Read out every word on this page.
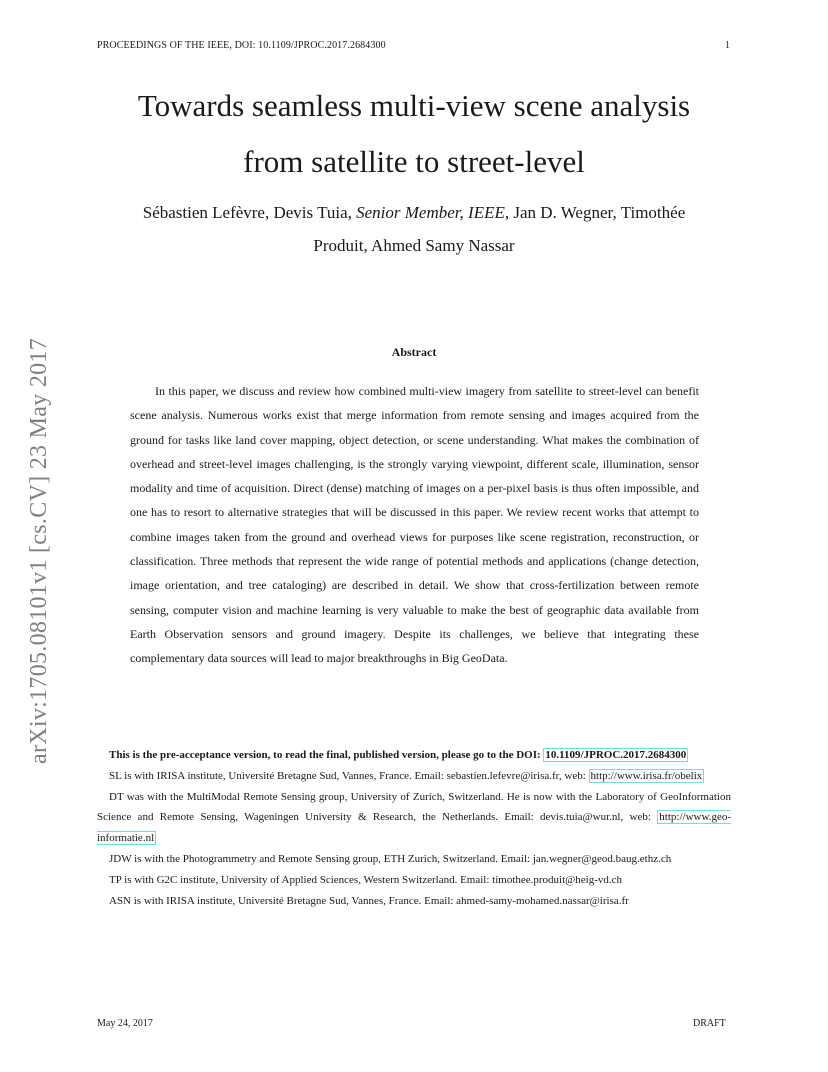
PROCEEDINGS OF THE IEEE, DOI: 10.1109/JPROC.2017.2684300	1
arXiv:1705.08101v1 [cs.CV] 23 May 2017
Towards seamless multi-view scene analysis
from satellite to street-level
Sébastien Lefèvre, Devis Tuia, Senior Member, IEEE, Jan D. Wegner, Timothée
Produit, Ahmed Samy Nassar
Abstract

In this paper, we discuss and review how combined multi-view imagery from satellite to street-level can benefit scene analysis. Numerous works exist that merge information from remote sensing and images acquired from the ground for tasks like land cover mapping, object detection, or scene understanding. What makes the combination of overhead and street-level images challenging, is the strongly varying viewpoint, different scale, illumination, sensor modality and time of acquisition. Direct (dense) matching of images on a per-pixel basis is thus often impossible, and one has to resort to alternative strategies that will be discussed in this paper. We review recent works that attempt to combine images taken from the ground and overhead views for purposes like scene registration, reconstruction, or classification. Three methods that represent the wide range of potential methods and applications (change detection, image orientation, and tree cataloging) are described in detail. We show that cross-fertilization between remote sensing, computer vision and machine learning is very valuable to make the best of geographic data available from Earth Observation sensors and ground imagery. Despite its challenges, we believe that integrating these complementary data sources will lead to major breakthroughs in Big GeoData.

This is the pre-acceptance version, to read the final, published version, please go to the DOI: 10.1109/JPROC.2017.2684300

SL is with IRISA institute, Université Bretagne Sud, Vannes, France. Email: sebastien.lefevre@irisa.fr, web: http://www.irisa.fr/obelix

DT was with the MultiModal Remote Sensing group, University of Zurich, Switzerland. He is now with the Laboratory of GeoInformation Science and Remote Sensing, Wageningen University & Research, the Netherlands. Email: devis.tuia@wur.nl, web: http://www.geo-informatie.nl

JDW is with the Photogrammetry and Remote Sensing group, ETH Zurich, Switzerland. Email: jan.wegner@geod.baug.ethz.ch

TP is with G2C institute, University of Applied Sciences, Western Switzerland. Email: timothee.produit@heig-vd.ch

ASN is with IRISA institute, Université Bretagne Sud, Vannes, France. Email: ahmed-samy-mohamed.nassar@irisa.fr

May 24, 2017	DRAFT
